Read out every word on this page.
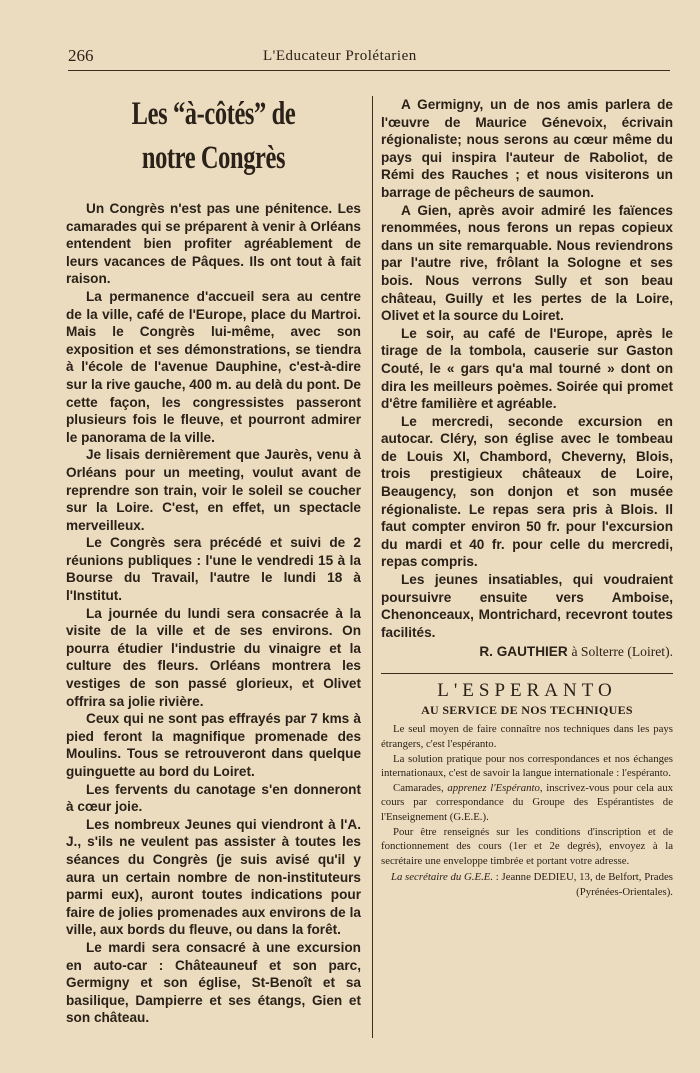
266	L'Educateur Prolétarien
Les “à-côtés” de notre Congrès

Un Congrès n'est pas une pénitence. Les camarades qui se préparent à venir à Orléans entendent bien profiter agréablement de leurs vacances de Pâques. Ils ont tout à fait raison.

La permanence d'accueil sera au centre de la ville, café de l'Europe, place du Martroi. Mais le Congrès lui-même, avec son exposition et ses démonstrations, se tiendra à l'école de l'avenue Dauphine, c'est-à-dire sur la rive gauche, 400 m. au delà du pont. De cette façon, les congressistes passeront plusieurs fois le fleuve, et pourront admirer le panorama de la ville.

Je lisais dernièrement que Jaurès, venu à Orléans pour un meeting, voulut avant de reprendre son train, voir le soleil se coucher sur la Loire. C'est, en effet, un spectacle merveilleux.

Le Congrès sera précédé et suivi de 2 réunions publiques : l'une le vendredi 15 à la Bourse du Travail, l'autre le lundi 18 à l'Institut.

La journée du lundi sera consacrée à la visite de la ville et de ses environs. On pourra étudier l'industrie du vinaigre et la culture des fleurs. Orléans montrera les vestiges de son passé glorieux, et Olivet offrira sa jolie rivière.

Ceux qui ne sont pas effrayés par 7 kms à pied feront la magnifique promenade des Moulins. Tous se retrouveront dans quelque guinguette au bord du Loiret.

Les fervents du canotage s'en donneront à cœur joie.

Les nombreux Jeunes qui viendront à l'A. J., s'ils ne veulent pas assister à toutes les séances du Congrès (je suis avisé qu'il y aura un certain nombre de non-instituteurs parmi eux), auront toutes indications pour faire de jolies promenades aux environs de la ville, aux bords du fleuve, ou dans la forêt.

Le mardi sera consacré à une excursion en auto-car : Châteauneuf et son parc, Germigny et son église, St-Benoît et sa basilique, Dampierre et ses étangs, Gien et son château.

A Germigny, un de nos amis parlera de l'œuvre de Maurice Génevoix, écrivain régionaliste; nous serons au cœur même du pays qui inspira l'auteur de Raboliot, de Rémi des Rauches ; et nous visiterons un barrage de pêcheurs de saumon.

A Gien, après avoir admiré les faïences renommées, nous ferons un repas copieux dans un site remarquable. Nous reviendrons par l'autre rive, frôlant la Sologne et ses bois. Nous verrons Sully et son beau château, Guilly et les pertes de la Loire, Olivet et la source du Loiret.

Le soir, au café de l'Europe, après le tirage de la tombola, causerie sur Gaston Couté, le « gars qu'a mal tourné » dont on dira les meilleurs poèmes. Soirée qui promet d'être familière et agréable.

Le mercredi, seconde excursion en autocar. Cléry, son église avec le tombeau de Louis XI, Chambord, Cheverny, Blois, trois prestigieux châteaux de Loire, Beaugency, son donjon et son musée régionaliste. Le repas sera pris à Blois. Il faut compter environ 50 fr. pour l'excursion du mardi et 40 fr. pour celle du mercredi, repas compris.

Les jeunes insatiables, qui voudraient poursuivre ensuite vers Amboise, Chenonceaux, Montrichard, recevront toutes facilités.

R. GAUTHIER à Solterre (Loiret).

L'ESPERANTO
AU SERVICE DE NOS TECHNIQUES

Le seul moyen de faire connaître nos techniques dans les pays étrangers, c'est l'espéranto.

La solution pratique pour nos correspondances et nos échanges internationaux, c'est de savoir la langue internationale : l'espéranto.

Camarades, apprenez l'Espéranto, inscrivez-vous pour cela aux cours par correspondance du Groupe des Espérantistes de l'Enseignement (G.E.E.).

Pour être renseignés sur les conditions d'inscription et de fonctionnement des cours (1er et 2e degrés), envoyez à la secrétaire une enveloppe timbrée et portant votre adresse.

La secrétaire du G.E.E. : Jeanne DEDIEU, 13, de Belfort, Prades (Pyrénées-Orientales).
